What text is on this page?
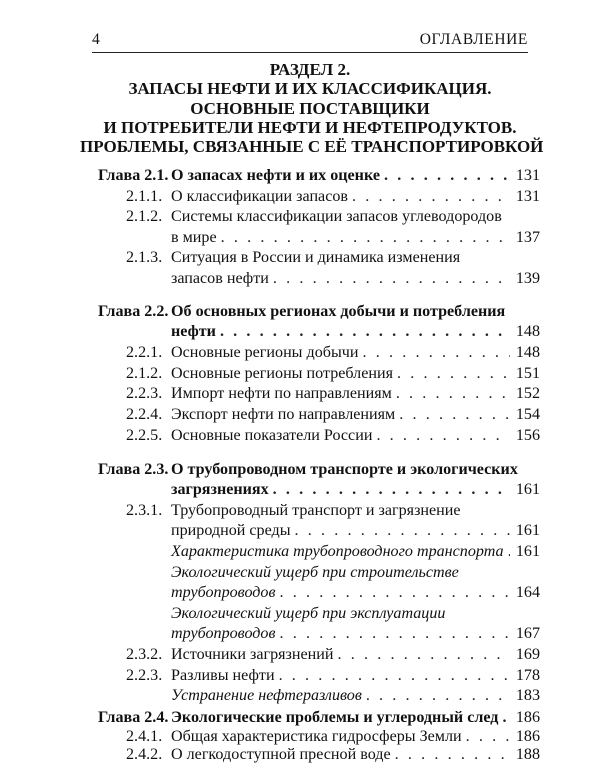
4	ОГЛАВЛЕНИЕ
РАЗДЕЛ 2.
ЗАПАСЫ НЕФТИ И ИХ КЛАССИФИКАЦИЯ.
ОСНОВНЫЕ ПОСТАВЩИКИ
И ПОТРЕБИТЕЛИ НЕФТИ И НЕФТЕПРОДУКТОВ.
ПРОБЛЕМЫ, СВЯЗАННЫЕ С ЕЁ ТРАНСПОРТИРОВКОЙ
Глава 2.1. О запасах нефти и их оценке . . .	131
2.1.1. О классификации запасов . . .	131
2.1.2. Системы классификации запасов углеводородов
в мире . . .	137
2.1.3. Ситуация в России и динамика изменения
запасов нефти . . .	139
Глава 2.2. Об основных регионах добычи и потребления
нефти . . .	148
2.2.1. Основные регионы добычи . . .	148
2.1.2. Основные регионы потребления . . .	151
2.2.3. Импорт нефти по направлениям . . .	152
2.2.4. Экспорт нефти по направлениям . . .	154
2.2.5. Основные показатели России . . .	156
Глава 2.3. О трубопроводном транспорте и экологических
загрязнениях . . .	161
2.3.1. Трубопроводный транспорт и загрязнение
природной среды . . .	161
Характеристика трубопроводного транспорта . . . 161
Экологический ущерб при строительстве
трубопроводов . . .	164
Экологический ущерб при эксплуатации
трубопроводов . . .	167
2.3.2. Источники загрязнений . . .	169
2.2.3. Разливы нефти . . .	178
Устранение нефтеразливов . . .	183
Глава 2.4. Экологические проблемы и углеродный след . . . 186
2.4.1. Общая характеристика гидросферы Земли . . .	186
2.4.2. О легкодоступной пресной воде . . .	188
